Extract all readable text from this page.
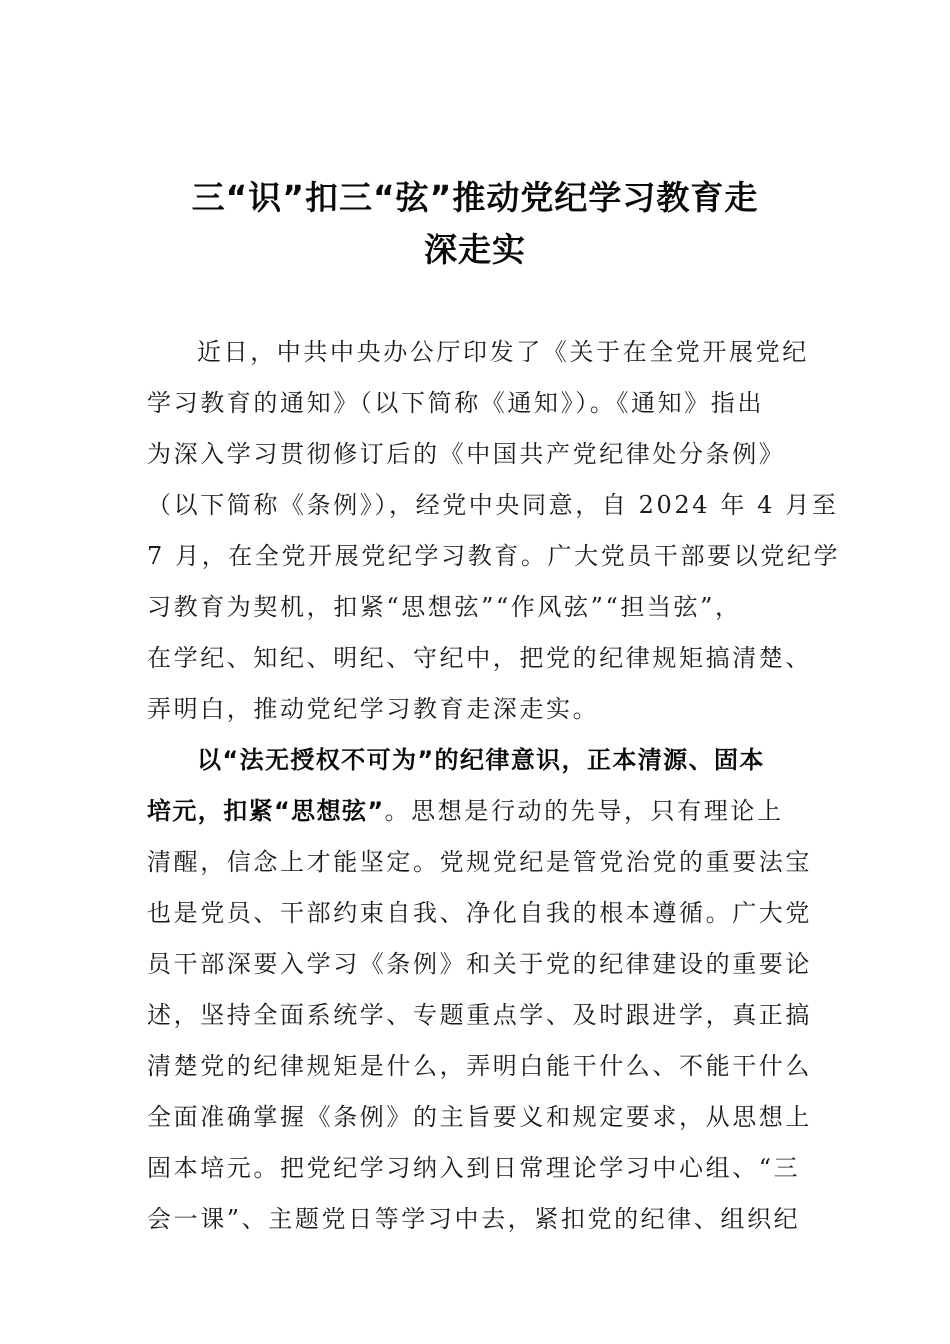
三“识”扣三“弦”推动党纪学习教育走
深走实

近日，中共中央办公厅印发了《关于在全党开展党纪
学习教育的通知》（以下简称《通知》）。《通知》指出
为深入学习贯彻修订后的《中国共产党纪律处分条例》
（以下简称《条例》），经党中央同意，自 2024 年 4 月至
7 月，在全党开展党纪学习教育。广大党员干部要以党纪学
习教育为契机，扣紧“思想弦”“作风弦”“担当弦”，
在学纪、知纪、明纪、守纪中，把党的纪律规矩搞清楚、
弄明白，推动党纪学习教育走深走实。

以“法无授权不可为”的纪律意识，正本清源、固本
培元，扣紧“思想弦”。思想是行动的先导，只有理论上
清醒，信念上才能坚定。党规党纪是管党治党的重要法宝
也是党员、干部约束自我、净化自我的根本遵循。广大党
员干部深要入学习《条例》和关于党的纪律建设的重要论
述，坚持全面系统学、专题重点学、及时跟进学，真正搞
清楚党的纪律规矩是什么，弄明白能干什么、不能干什么
全面准确掌握《条例》的主旨要义和规定要求，从思想上
固本培元。把党纪学习纳入到日常理论学习中心组、“三
会一课”、主题党日等学习中去，紧扣党的纪律、组织纪
